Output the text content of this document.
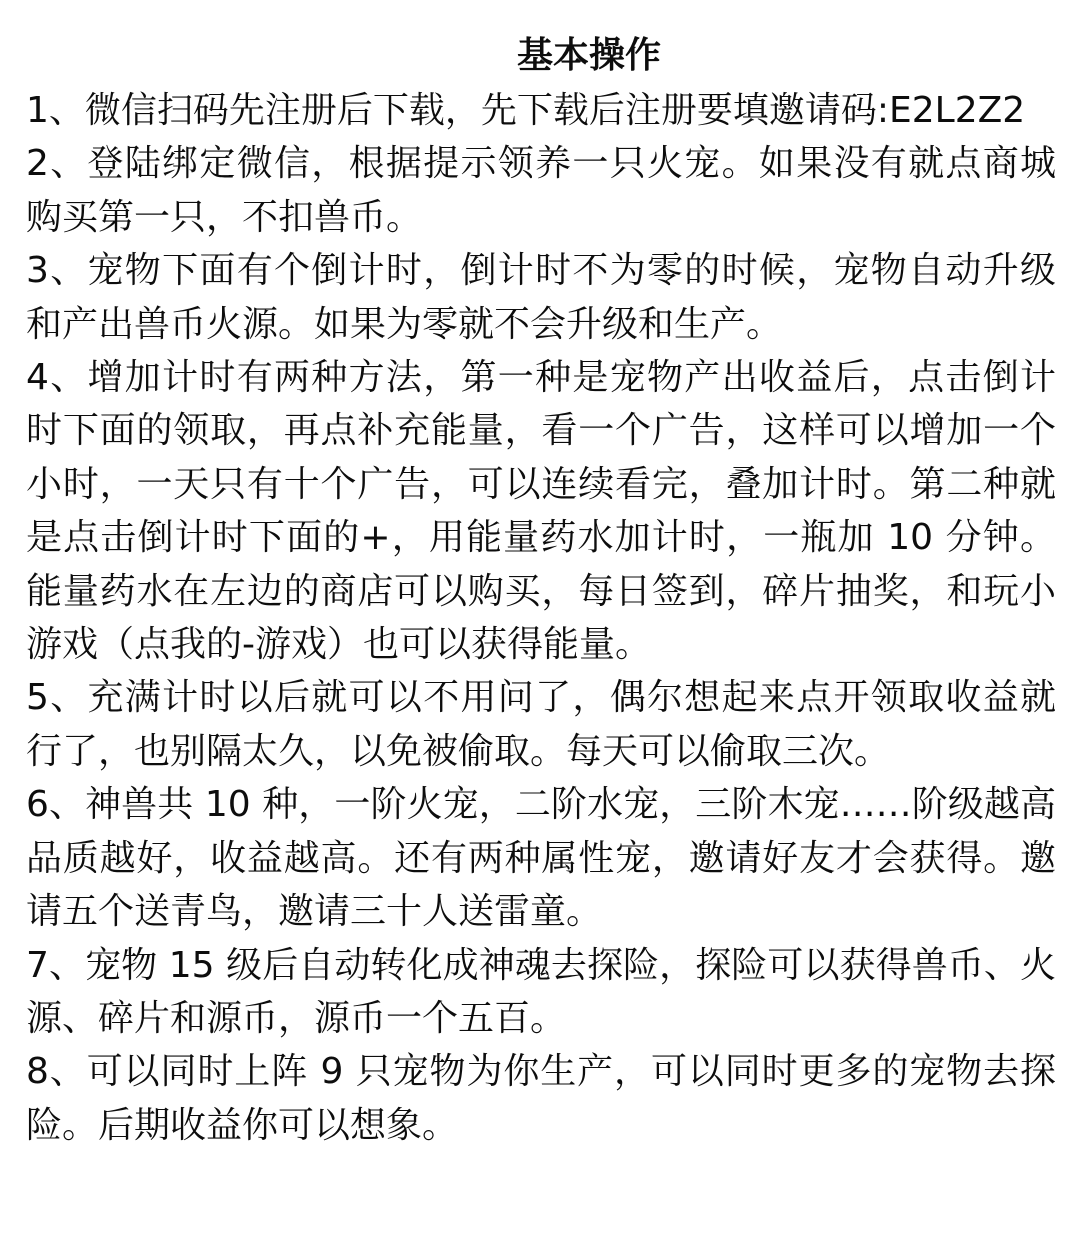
基本操作

1、微信扫码先注册后下载，先下载后注册要填邀请码:E2L2Z2

2、登陆绑定微信，根据提示领养一只火宠。如果没有就点商城购买第一只，不扣兽币。

3、宠物下面有个倒计时，倒计时不为零的时候，宠物自动升级和产出兽币火源。如果为零就不会升级和生产。

4、增加计时有两种方法，第一种是宠物产出收益后，点击倒计时下面的领取，再点补充能量，看一个广告，这样可以增加一个小时，一天只有十个广告，可以连续看完，叠加计时。第二种就是点击倒计时下面的+，用能量药水加计时，一瓶加 10 分钟。能量药水在左边的商店可以购买，每日签到，碎片抽奖，和玩小游戏（点我的-游戏）也可以获得能量。

5、充满计时以后就可以不用问了，偶尔想起来点开领取收益就行了，也别隔太久，以免被偷取。每天可以偷取三次。

6、神兽共 10 种，一阶火宠，二阶水宠，三阶木宠……阶级越高品质越好，收益越高。还有两种属性宠，邀请好友才会获得。邀请五个送青鸟，邀请三十人送雷童。

7、宠物 15 级后自动转化成神魂去探险，探险可以获得兽币、火源、碎片和源币，源币一个五百。

8、可以同时上阵 9 只宠物为你生产，可以同时更多的宠物去探险。后期收益你可以想象。
